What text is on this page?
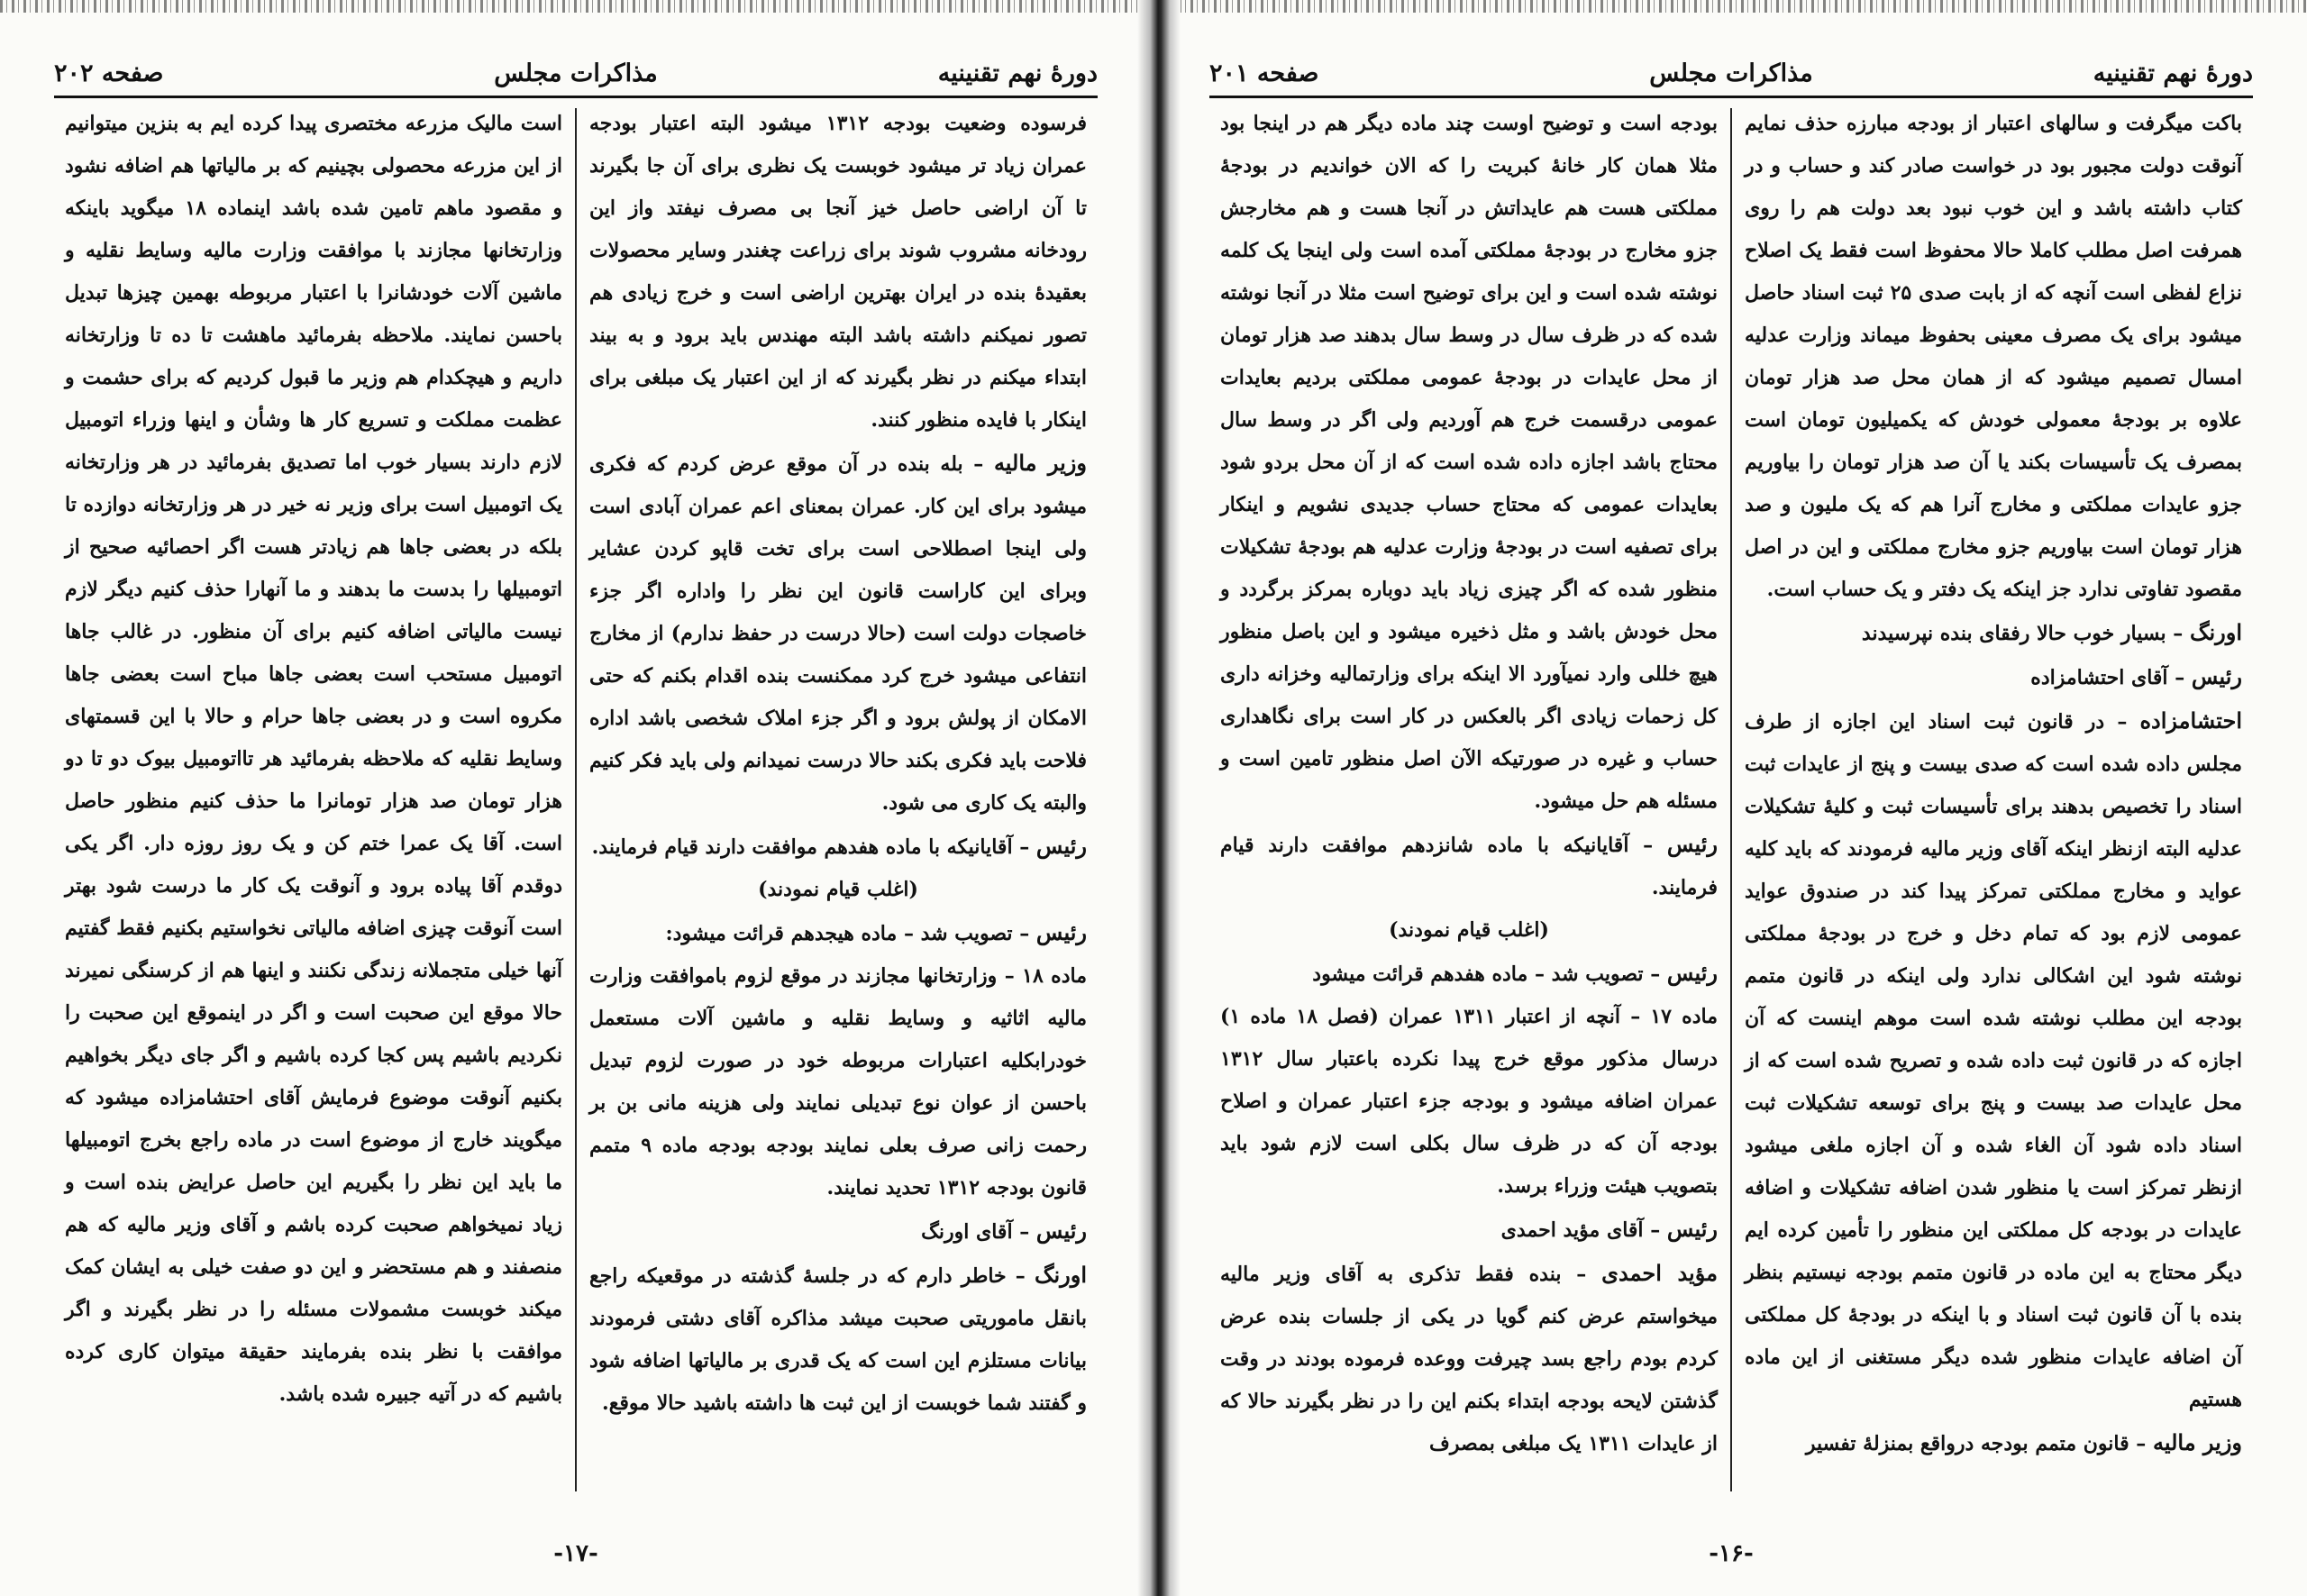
دورهٔ نهم تقنینیه
مذاکرات مجلس
صفحه ۲۰۲

فرسوده وضعیت بودجه ۱۳۱۲ میشود البته اعتبار بودجه عمران زیاد تر میشود خوبست یک نظری برای آن جا بگیرند تا آن اراضی حاصل خیز آنجا بی مصرف نیفتد واز این رودخانه مشروب شوند برای زراعت چغندر وسایر محصولات بعقیدهٔ بنده در ایران بهترین اراضی است و خرج زیادی هم تصور نمیکنم داشته باشد البته مهندس باید برود و به بیند ابتداء میکنم در نظر بگیرند که از این اعتبار یک مبلغی برای اینکار با فایده منظور کنند.

وزیر مالیه – بله بنده در آن موقع عرض کردم که فکری میشود برای این کار. عمران بمعنای اعم عمران آبادی است ولی اینجا اصطلاحی است برای تخت قاپو کردن عشایر وبرای این کاراست قانون این نظر را واداره اگر جزء خاصجات دولت است (حالا درست در حفظ ندارم) از مخارج انتفاعی میشود خرج کرد ممکنست بنده اقدام بکنم که حتی الامکان از پولش برود و اگر جزء املاک شخصی باشد اداره فلاحت باید فکری بکند حالا درست نمیدانم ولی باید فکر کنیم والبته یک کاری می شود.

رئیس – آقایانیکه با ماده هفدهم موافقت دارند قیام فرمایند.

(اغلب قیام نمودند)

رئیس – تصویب شد – ماده هیجدهم قرائت میشود:

ماده ۱۸ – وزارتخانها مجازند در موقع لزوم باموافقت وزارت مالیه اثاثیه و وسایط نقلیه و ماشین آلات مستعمل خودرابکلیه اعتبارات مربوطه خود در صورت لزوم تبدیل باحسن از عوان نوع تبدیلی نمایند ولی هزینه مانی بن بر رحمت زانی صرف بعلی نمایند بودجه بودجه ماده ۹ متمم قانون بودجه ۱۳۱۲ تحدید نمایند.

رئیس – آقای اورنگ

اورنگ – خاطر دارم که در جلسهٔ گذشته در موقعیکه راجع بانقل ماموریتی صحبت میشد مذاکره آقای دشتی فرمودند بیانات مستلزم این است که یک قدری بر مالیاتها اضافه شود و گفتند شما خوبست از این ثبت ها داشته باشید حالا موقع.

است مالیک مزرعه مختصری پیدا کرده ایم به بنزین میتوانیم از این مزرعه محصولی بچینیم که بر مالیاتها هم اضافه نشود و مقصود ماهم تامین شده باشد اینماده ۱۸ میگوید باینکه وزارتخانها مجازند با موافقت وزارت مالیه وسایط نقلیه و ماشین آلات خودشانرا با اعتبار مربوطه بهمین چیزها تبدیل باحسن نمایند. ملاحظه بفرمائید ماهشت تا ده تا وزارتخانه داریم و هیچکدام هم وزیر ما قبول کردیم که برای حشمت و عظمت مملکت و تسریع کار ها وشأن و اینها وزراء اتومبیل لازم دارند بسیار خوب اما تصدیق بفرمائید در هر وزارتخانه یک اتومبیل است برای وزیر نه خیر در هر وزارتخانه دوازده تا بلکه در بعضی جاها هم زیادتر هست اگر احصائیه صحیح از اتومبیلها را بدست ما بدهند و ما آنهارا حذف کنیم دیگر لازم نیست مالیاتی اضافه کنیم برای آن منظور. در غالب جاها اتومبیل مستحب است بعضی جاها مباح است بعضی جاها مکروه است و در بعضی جاها حرام و حالا با این قسمتهای وسایط نقلیه که ملاحظه بفرمائید هر تااتومبیل بیوک دو تا دو هزار تومان صد هزار تومانرا ما حذف کنیم منظور حاصل است. آقا یک عمرا ختم کن و یک روز روزه دار. اگر یکی دوقدم آقا پیاده برود و آنوقت یک کار ما درست شود بهتر است آنوقت چیزی اضافه مالیاتی نخواستیم بکنیم فقط گفتیم آنها خیلی متجملانه زندگی نکنند و اینها هم از کرسنگی نمیرند حالا موقع این صحبت است و اگر در اینموقع این صحبت را نکردیم باشیم پس کجا کرده باشیم و اگر جای دیگر بخواهیم بکنیم آنوقت موضوع فرمایش آقای احتشامزاده میشود که میگویند خارج از موضوع است در ماده راجع بخرج اتومبیلها ما باید این نظر را بگیریم این حاصل عرایض بنده است و زیاد نمیخواهم صحبت کرده باشم و آقای وزیر مالیه که هم منصفند و هم مستحضر و این دو صفت خیلی به ایشان کمک میکند خوبست مشمولات مسئله را در نظر بگیرند و اگر موافقت با نظر بنده بفرمایند حقیقة میتوان کاری کرده باشیم که در آتیه جبیره شده باشد.

-۱۷-
دورهٔ نهم تقنینیه
مذاکرات مجلس
صفحه ۲۰۱

باکت میگرفت و سالهای اعتبار از بودجه مبارزه حذف نمایم آنوقت دولت مجبور بود در خواست صادر کند و حساب و در کتاب داشته باشد و این خوب نبود بعد دولت هم را روی همرفت اصل مطلب کاملا حالا محفوظ است فقط یک اصلاح نزاع لفظی است آنچه که از بابت صدی ۲۵ ثبت اسناد حاصل میشود برای یک مصرف معینی بحفوظ میماند وزارت عدلیه امسال تصمیم میشود که از همان محل صد هزار تومان علاوه بر بودجهٔ معمولی خودش که یکمیلیون تومان است بمصرف یک تأسیسات بکند یا آن صد هزار تومان را بیاوریم جزو عایدات مملکتی و مخارج آنرا هم که یک ملیون و صد هزار تومان است بیاوریم جزو مخارج مملکتی و این در اصل مقصود تفاوتی ندارد جز اینکه یک دفتر و یک حساب است.

اورنگ – بسیار خوب حالا رفقای بنده نپرسیدند

رئیس – آقای احتشامزاده

احتشامزاده – در قانون ثبت اسناد این اجازه از طرف مجلس داده شده است که صدی بیست و پنج از عایدات ثبت اسناد را تخصیص بدهند برای تأسیسات ثبت و کلیهٔ تشکیلات عدلیه البته ازنظر اینکه آقای وزیر مالیه فرمودند که باید کلیه عواید و مخارج مملکتی تمرکز پیدا کند در صندوق عواید عمومی لازم بود که تمام دخل و خرج در بودجهٔ مملکتی نوشته شود این اشکالی ندارد ولی اینکه در قانون متمم بودجه این مطلب نوشته شده است موهم اینست که آن اجازه که در قانون ثبت داده شده و تصریح شده است که از محل عایدات صد بیست و پنج برای توسعه تشکیلات ثبت اسناد داده شود آن الغاء شده و آن اجازه ملغی میشود ازنظر تمرکز است یا منظور شدن اضافه تشکیلات و اضافه عایدات در بودجه کل مملکتی این منظور را تأمین کرده ایم دیگر محتاج به این ماده در قانون متمم بودجه نیستیم بنظر بنده با آن قانون ثبت اسناد و با اینکه در بودجهٔ کل مملکتی آن اضافه عایدات منظور شده دیگر مستغنی از این ماده هستیم

وزیر مالیه – قانون متمم بودجه درواقع بمنزلهٔ تفسیر

بودجه است و توضیح اوست چند ماده دیگر هم در اینجا بود مثلا همان کار خانهٔ کبریت را که الان خواندیم در بودجهٔ مملکتی هست هم عایداتش در آنجا هست و هم مخارجش جزو مخارج در بودجهٔ مملکتی آمده است ولی اینجا یک کلمه نوشته شده است و این برای توضیح است مثلا در آنجا نوشته شده که در ظرف سال در وسط سال بدهند صد هزار تومان از محل عایدات در بودجهٔ عمومی مملکتی بردیم بعایدات عمومی درقسمت خرج هم آوردیم ولی اگر در وسط سال محتاج باشد اجازه داده شده است که از آن محل بردو شود بعایدات عمومی که محتاج حساب جدیدی نشویم و اینکار برای تصفیه است در بودجهٔ وزارت عدلیه هم بودجهٔ تشکیلات منظور شده که اگر چیزی زیاد باید دوباره بمرکز برگردد و محل خودش باشد و مثل ذخیره میشود و این باصل منظور هیچ خللی وارد نمیآورد الا اینکه برای وزارتمالیه وخزانه داری کل زحمات زیادی اگر بالعکس در کار است برای نگاهداری حساب و غیره در صورتیکه الآن اصل منظور تامین است و مسئله هم حل میشود.

رئیس – آقایانیکه با ماده شانزدهم موافقت دارند قیام فرمایند.

(اغلب قیام نمودند)

رئیس – تصویب شد – ماده هفدهم قرائت میشود

ماده ۱۷ – آنچه از اعتبار ۱۳۱۱ عمران (فصل ۱۸ ماده ۱) درسال مذکور موقع خرج پیدا نکرده باعتبار سال ۱۳۱۲ عمران اضافه میشود و بودجه جزء اعتبار عمران و اصلاح بودجه آن که در ظرف سال بکلی است لازم شود باید بتصویب هیئت وزراء برسد.

رئیس – آقای مؤید احمدی

مؤید احمدی – بنده فقط تذکری به آقای وزیر مالیه میخواستم عرض کنم گویا در یکی از جلسات بنده عرض کردم بودم راجع بسد چیرفت ووعده فرموده بودند در وقت گذشتن لایحه بودجه ابتداء بکنم این را در نظر بگیرند حالا که از عایدات ۱۳۱۱ یک مبلغی بمصرف

-۱۶-
